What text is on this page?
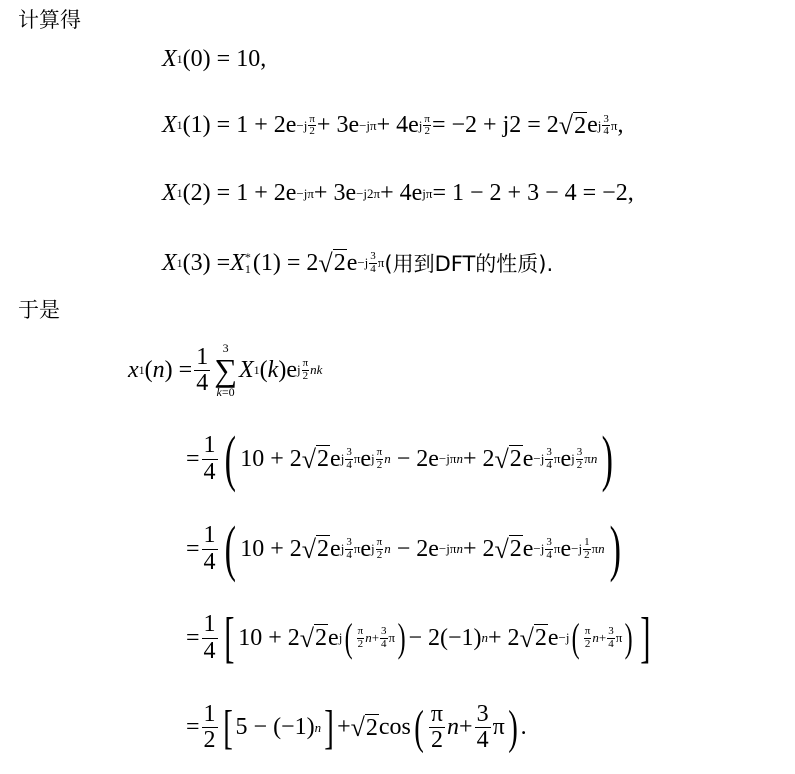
计算得
X 1 (0) = 10,
X 1 $(1) = 1 + 2e -j \frac{\pi}{2} + 3e -j\pi + 4e$ j $\frac{\pi}{2} = -2 + j2 = 2$ √ 2 e j $\frac{3}{4}$ π ,
X 1 (2) = 1 + 2e −jπ + 3e −j2π + 4e jπ = 1 − 2 + 3 − 4 = −2,
X 1 (3) = X *
1 (1) = 2 √ 2 $e -j \frac{3}{4}$ π (用到DFT的性质).
于是
x 1 ( n ) = $\frac{1}{4} 3$
∑
k=0
X 1 ( k )e j $\frac{\pi}{2}$ nk
= $\frac{1}{4}$ ( 10 + 2 √ 2 e j $\frac{3}{4}$ π e j $\frac{\pi}{2}$ n − 2e −jπn + 2 √ 2 $e -j \frac{3}{4}$ π e j $\frac{3}{2}$ π n )
= $\frac{1}{4}$ ( 10 + 2 √ 2 e j $\frac{3}{4}$ π e j $\frac{\pi}{2}$ n − 2e −jπn + 2 √ 2 $e -j \frac{3}{4}$ π $e -j \frac{1}{2}$ π n )
= $\frac{1}{4}$ [ 10 + 2 √ 2 e j ( $\frac{\pi}{2}$ $n + \frac{3}{4}$ π ) − 2(−1) n + 2 √ 2 e −j ( $\frac{\pi}{2}$ $n + \frac{3}{4}$ π ) ]
= $\frac{1}{2}$ [ 5 − (−1) n ] + √ 2 cos ( $\frac{\pi}{2}$ $n + \frac{3}{4}$ π ) .
